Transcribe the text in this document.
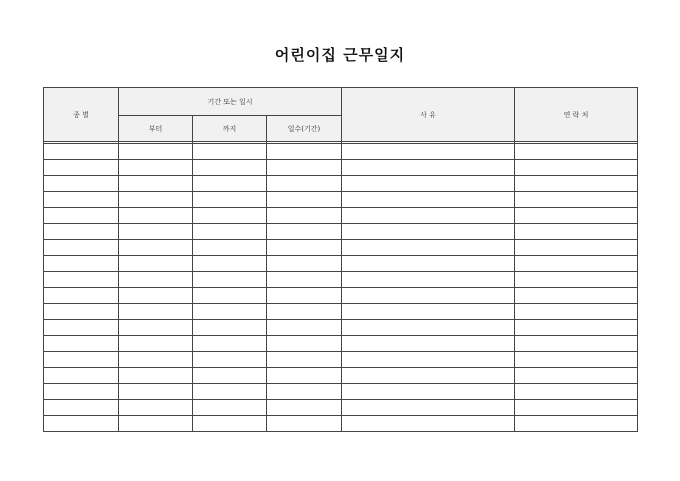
어린이집 근무일지
종 별	기간 또는 일시			사 유	연 락 처
	부터	까지	일수(기간)		
